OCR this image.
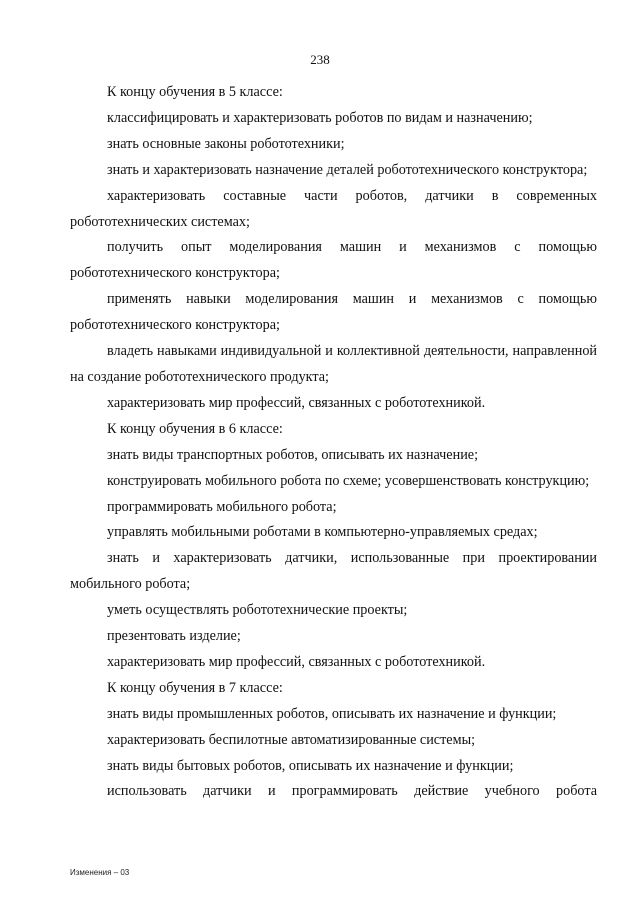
238

К концу обучения в 5 классе:

классифицировать и характеризовать роботов по видам и назначению;

знать основные законы робототехники;

знать и характеризовать назначение деталей робототехнического конструктора;

характеризовать составные части роботов, датчики в современных робототехнических системах;

получить опыт моделирования машин и механизмов с помощью робототехнического конструктора;

применять навыки моделирования машин и механизмов с помощью робототехнического конструктора;

владеть навыками индивидуальной и коллективной деятельности, направленной на создание робототехнического продукта;

характеризовать мир профессий, связанных с робототехникой.

К концу обучения в 6 классе:

знать виды транспортных роботов, описывать их назначение;

конструировать мобильного робота по схеме; усовершенствовать конструкцию;

программировать мобильного робота;

управлять мобильными роботами в компьютерно-управляемых средах;

знать и характеризовать датчики, использованные при проектировании мобильного робота;

уметь осуществлять робототехнические проекты;

презентовать изделие;

характеризовать мир профессий, связанных с робототехникой.

К концу обучения в 7 классе:

знать виды промышленных роботов, описывать их назначение и функции;

характеризовать беспилотные автоматизированные системы;

знать виды бытовых роботов, описывать их назначение и функции;

использовать датчики и программировать действие учебного робота

Изменения – 03
